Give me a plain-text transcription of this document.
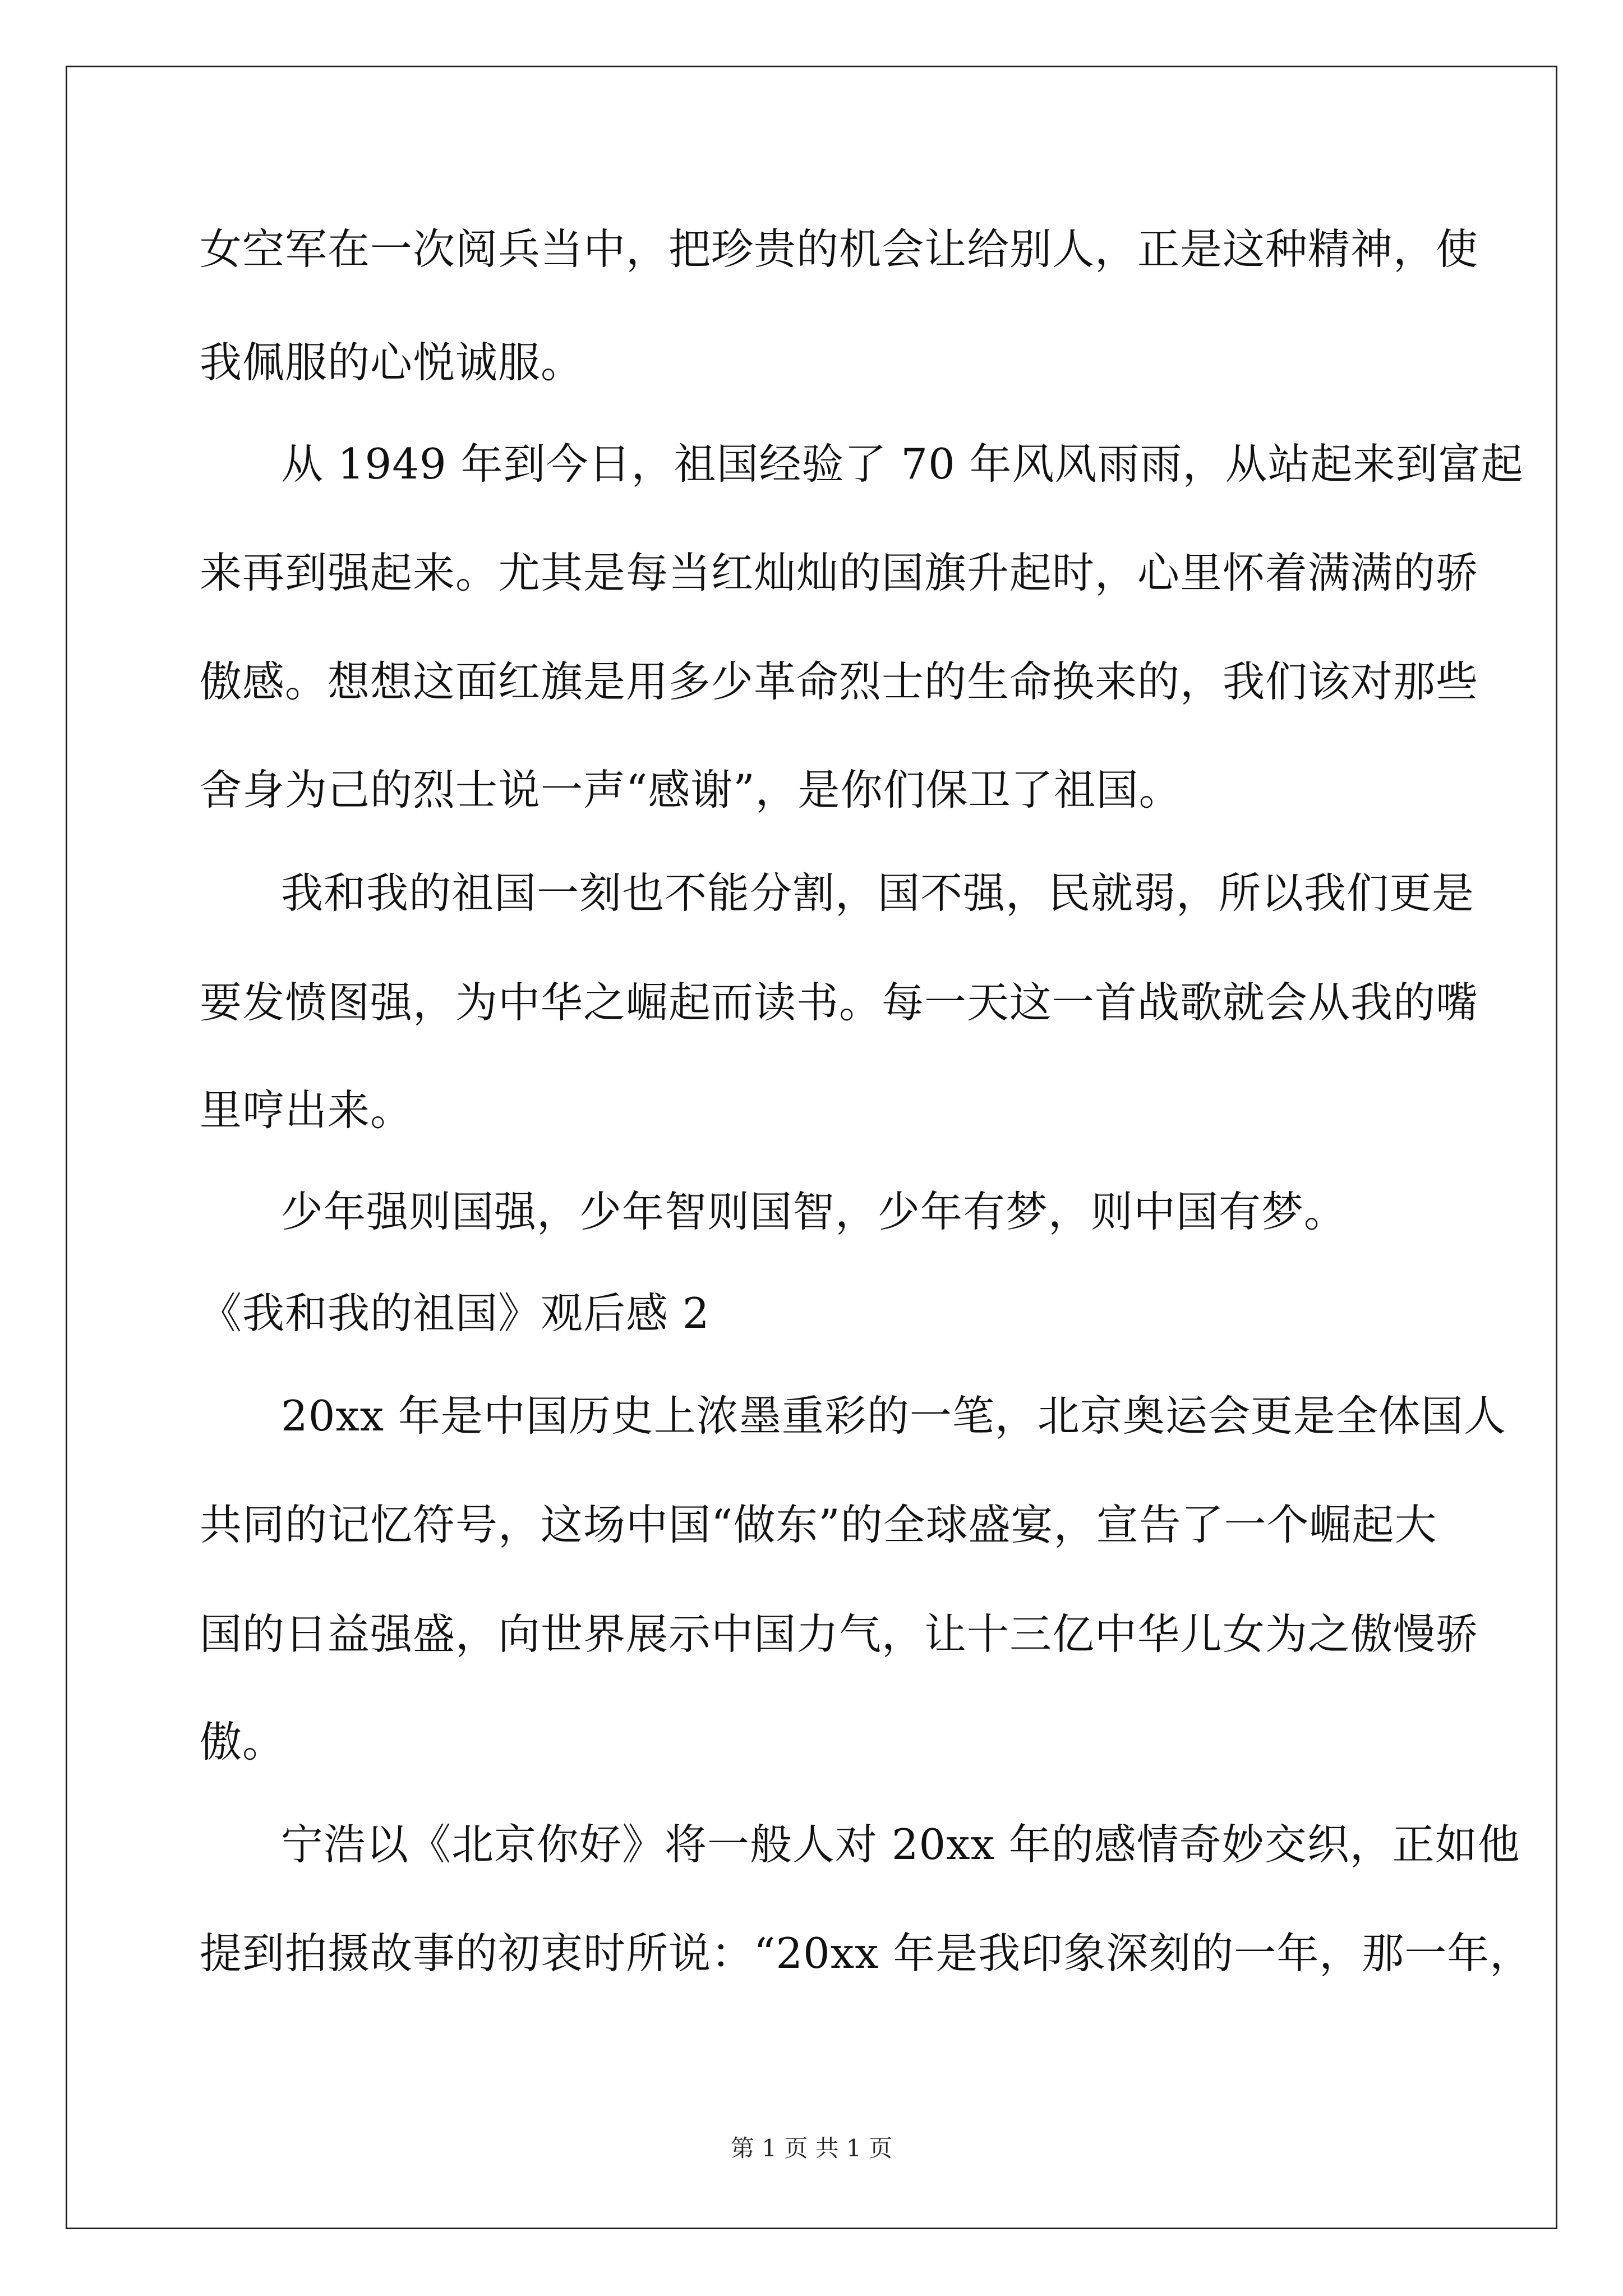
女空军在一次阅兵当中，把珍贵的机会让给别人，正是这种精神，使
我佩服的心悦诚服。
从 1949 年到今日，祖国经验了 70 年风风雨雨，从站起来到富起
来再到强起来。尤其是每当红灿灿的国旗升起时，心里怀着满满的骄
傲感。想想这面红旗是用多少革命烈士的生命换来的，我们该对那些
舍身为己的烈士说一声“感谢”，是你们保卫了祖国。
我和我的祖国一刻也不能分割，国不强，民就弱，所以我们更是
要发愤图强，为中华之崛起而读书。每一天这一首战歌就会从我的嘴
里哼出来。
少年强则国强，少年智则国智，少年有梦，则中国有梦。
《我和我的祖国》观后感 2
20xx 年是中国历史上浓墨重彩的一笔，北京奥运会更是全体国人
共同的记忆符号，这场中国“做东”的全球盛宴，宣告了一个崛起大
国的日益强盛，向世界展示中国力气，让十三亿中华儿女为之傲慢骄
傲。
宁浩以《北京你好》将一般人对 20xx 年的感情奇妙交织，正如他
提到拍摄故事的初衷时所说：“20xx 年是我印象深刻的一年，那一年，
第 1 页 共 1 页
